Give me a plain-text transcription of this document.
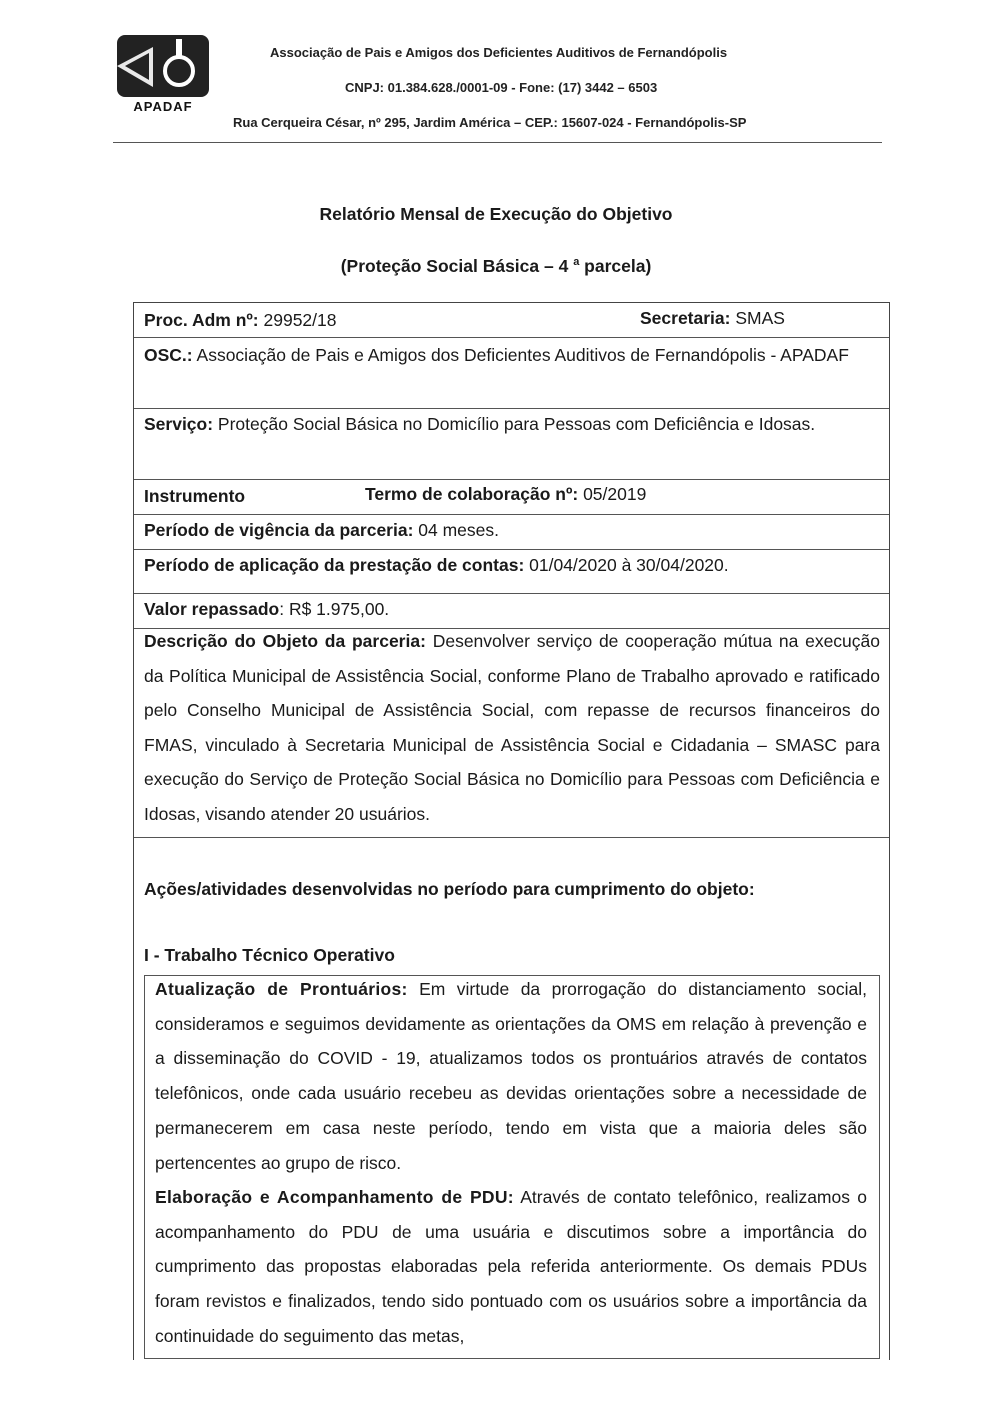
APADAF
Associação de Pais e Amigos dos Deficientes Auditivos de Fernandópolis
CNPJ: 01.384.628./0001-09 - Fone: (17) 3442 – 6503
Rua Cerqueira César, nº 295, Jardim América – CEP.: 15607-024 - Fernandópolis-SP
Relatório Mensal de Execução do Objetivo
(Proteção Social Básica – 4 $^a$ parcela)
Proc. Adm nº: 29952/18	Secretaria: SMAS
OSC.: Associação de Pais e Amigos dos Deficientes Auditivos de Fernandópolis - APADAF
Serviço: Proteção Social Básica no Domicílio para Pessoas com Deficiência e Idosas.
Instrumento	Termo de colaboração nº: 05/2019
Período de vigência da parceria: 04 meses.
Período de aplicação da prestação de contas: 01/04/2020 à 30/04/2020.
Valor repassado: R$ 1.975,00.
Descrição do Objeto da parceria: Desenvolver serviço de cooperação mútua na execução da Política Municipal de Assistência Social, conforme Plano de Trabalho aprovado e ratificado pelo Conselho Municipal de Assistência Social, com repasse de recursos financeiros do FMAS, vinculado à Secretaria Municipal de Assistência Social e Cidadania – SMASC para execução do Serviço de Proteção Social Básica no Domicílio para Pessoas com Deficiência e Idosas, visando atender 20 usuários.
Ações/atividades desenvolvidas no período para cumprimento do objeto:
I - Trabalho Técnico Operativo
Atualização de Prontuários: Em virtude da prorrogação do distanciamento social, consideramos e seguimos devidamente as orientações da OMS em relação à prevenção e a disseminação do COVID - 19, atualizamos todos os prontuários através de contatos telefônicos, onde cada usuário recebeu as devidas orientações sobre a necessidade de permanecerem em casa neste período, tendo em vista que a maioria deles são pertencentes ao grupo de risco.
Elaboração e Acompanhamento de PDU: Através de contato telefônico, realizamos o acompanhamento do PDU de uma usuária e discutimos sobre a importância do cumprimento das propostas elaboradas pela referida anteriormente. Os demais PDUs foram revistos e finalizados, tendo sido pontuado com os usuários sobre a importância da continuidade do seguimento das metas,
